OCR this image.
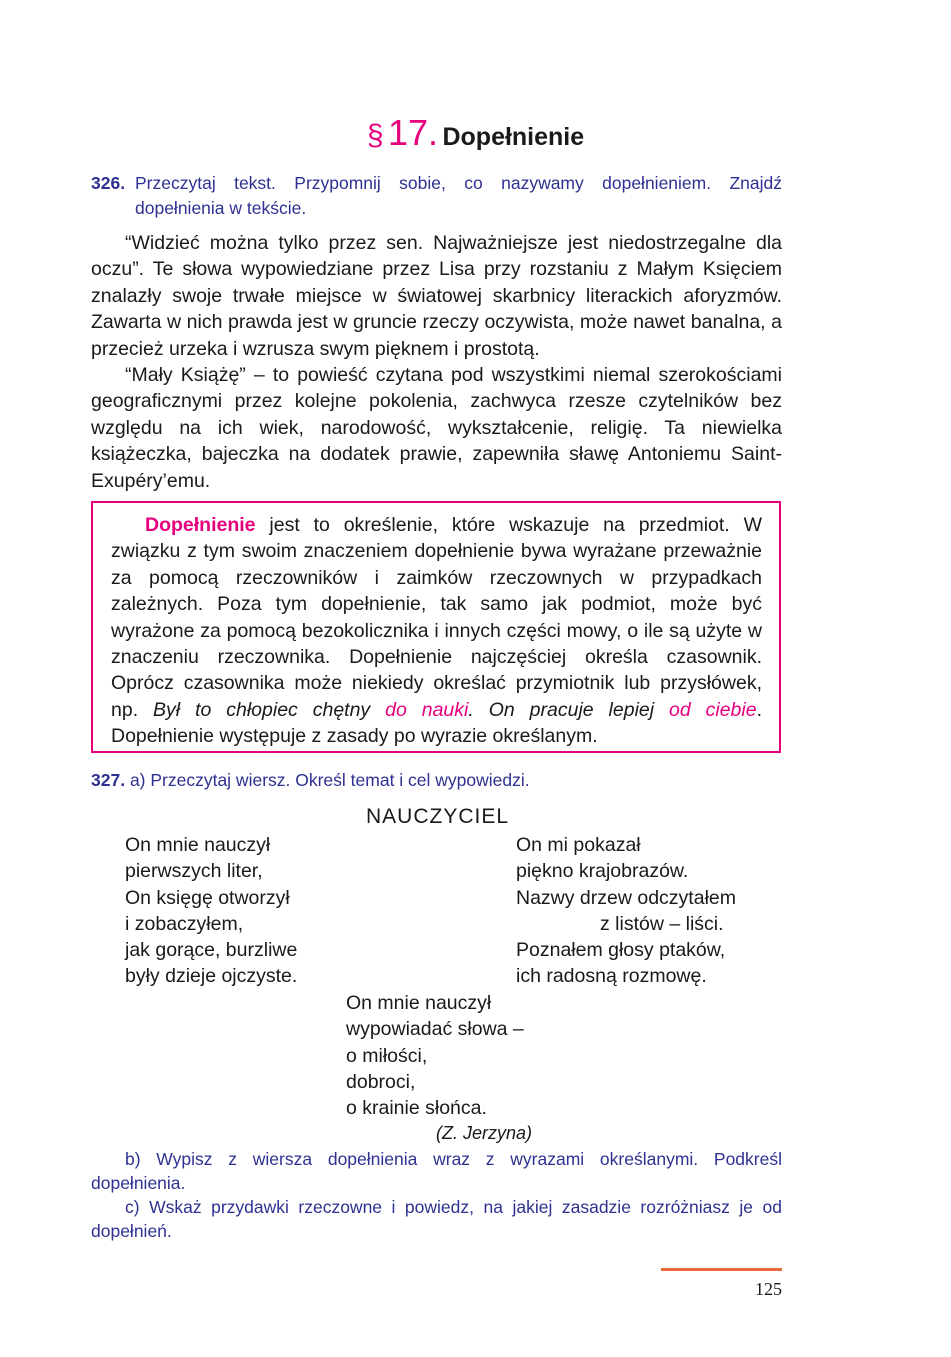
§ 17. Dopełnienie
326. Przeczytaj tekst. Przypomnij sobie, co nazywamy dopełnieniem. Znajdź
dopełnienia w tekście.

“Widzieć można tylko przez sen. Najważniejsze jest niedostrzegalne dla oczu”. Te słowa wypowiedziane przez Lisa przy rozstaniu z Małym Księciem znalazły swoje trwałe miejsce w światowej skarbnicy literackich aforyzmów. Zawarta w nich prawda jest w gruncie rzeczy oczywista, może nawet banalna, a przecież urzeka i wzrusza swym pięknem i prostotą.

“Mały Książę” – to powieść czytana pod wszystkimi niemal szerokościami geograficznymi przez kolejne pokolenia, zachwyca rzesze czytelników bez względu na ich wiek, narodowość, wykształcenie, religię. Ta niewielka książeczka, bajeczka na dodatek prawie, zapewniła sławę Antoniemu Saint-Exupéry’emu.

Dopełnienie jest to określenie, które wskazuje na przedmiot. W związku z tym swoim znaczeniem dopełnienie bywa wyrażane przeważnie za pomocą rzeczowników i zaimków rzeczownych w przypadkach zależnych. Poza tym dopełnienie, tak samo jak podmiot, może być wyrażone za pomocą bezokolicznika i innych części mowy, o ile są użyte w znaczeniu rzeczownika. Dopełnienie najczęściej określa czasownik. Oprócz czasownika może niekiedy określać przymiotnik lub przysłówek, np. Był to chłopiec chętny do nauki. On pracuje lepiej od ciebie. Dopełnienie występuje z zasady po wyrazie określanym.

327. a) Przeczytaj wiersz. Określ temat i cel wypowiedzi.
NAUCZYCIEL
On mnie nauczył
pierwszych liter,
On księgę otworzył
i zobaczyłem,
jak gorące, burzliwe
były dzieje ojczyste.
On mi pokazał
piękno krajobrazów.
Nazwy drzew odczytałem
z listów – liści.
Poznałem głosy ptaków,
ich radosną rozmowę.
On mnie nauczył
wypowiadać słowa –
o miłości,
dobroci,
o krainie słońca.
(Z. Jerzyna)

b) Wypisz z wiersza dopełnienia wraz z wyrazami określanymi. Podkreśl dopełnienia.

c) Wskaż przydawki rzeczowne i powiedz, na jakiej zasadzie rozróżniasz je od dopełnień.

125
